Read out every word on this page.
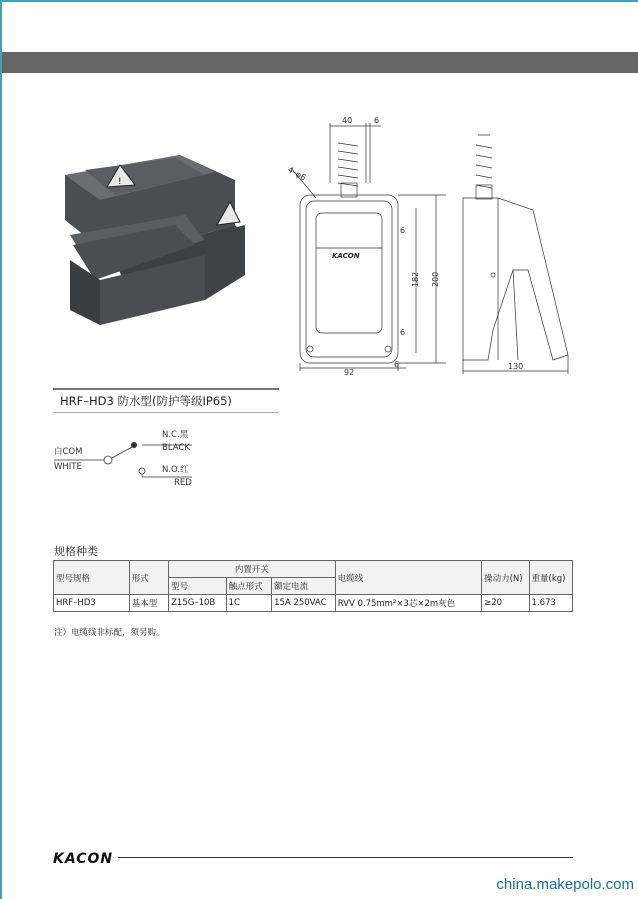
!
40	6
4–φ6
6
182 200
6
92
6
KACON
130
HRF–HD3 防水型(防护等级IP65)
白COM
WHITE
N.C.黑
BLACK
N.O.红
RED
规格种类
型号规格	形式	内置开关			电缆线	操动力(N)	重量(kg)
		型号	触点形式	额定电流			
HRF–HD3	基本型	Z15G–10B	1C	15A 250VAC	RVV 0.75mm²×3芯×2m灰色	≥20	1.673
注）电缆线非标配，须另购。
KACON
china.makepolo.com
